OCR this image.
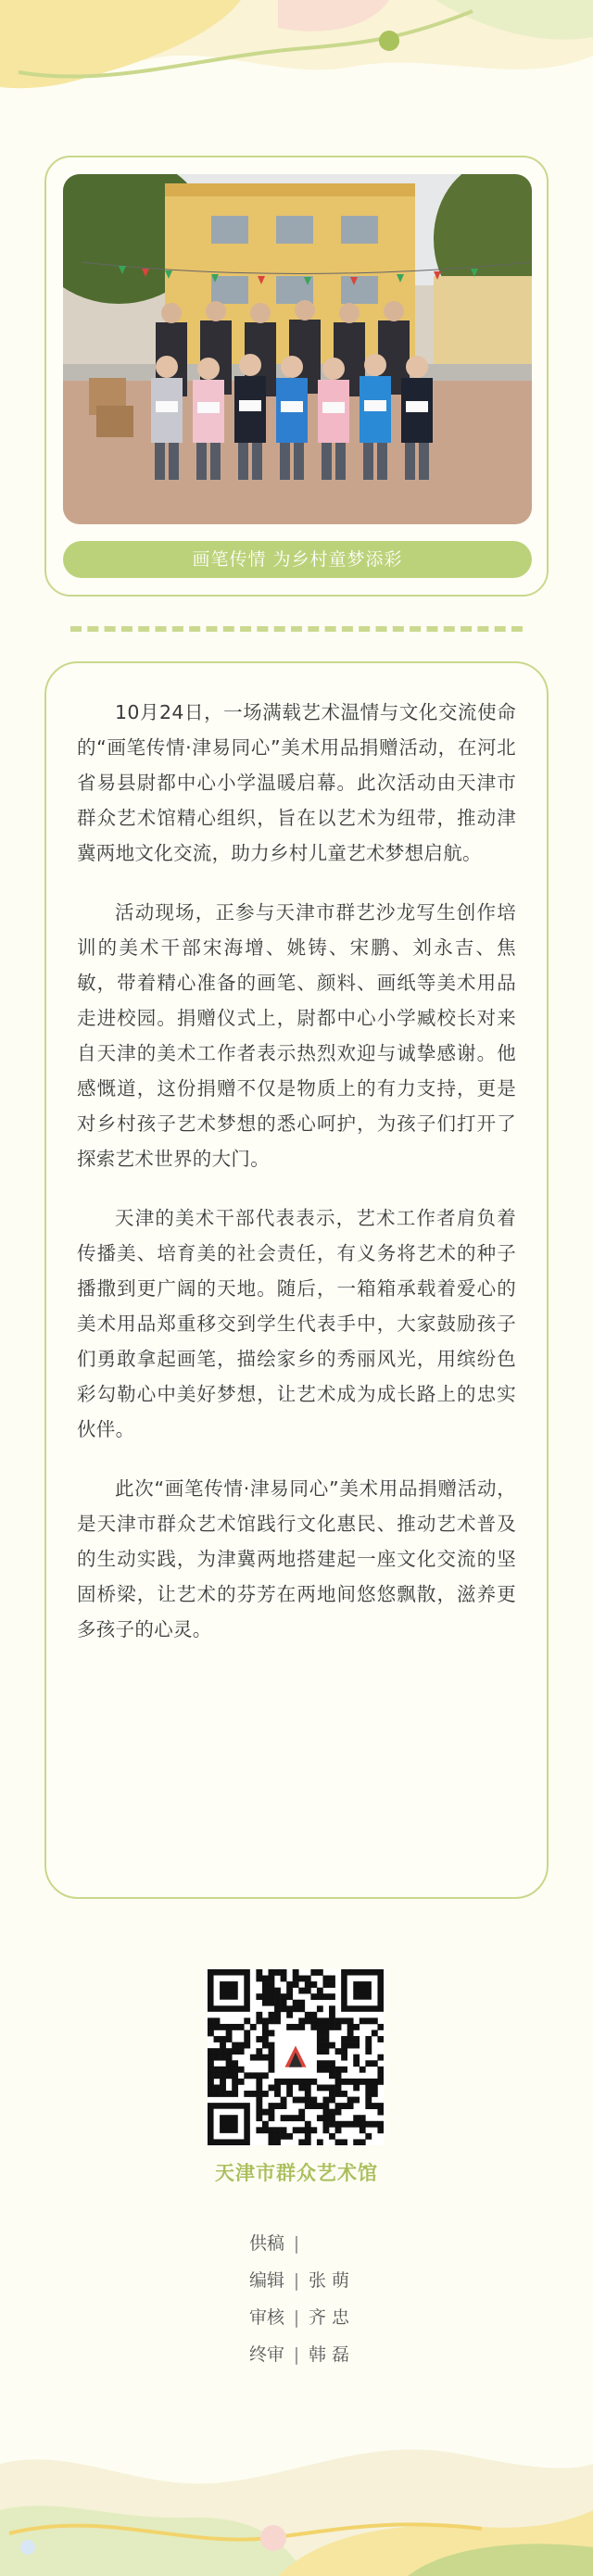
画笔传情 为乡村童梦添彩

10月24日，一场满载艺术温情与文化交流使命的“画笔传情·津易同心”美术用品捐赠活动，在河北省易县尉都中心小学温暖启幕。此次活动由天津市群众艺术馆精心组织，旨在以艺术为纽带，推动津冀两地文化交流，助力乡村儿童艺术梦想启航。

活动现场，正参与天津市群艺沙龙写生创作培训的美术干部宋海增、姚铸、宋鹏、刘永吉、焦敏，带着精心准备的画笔、颜料、画纸等美术用品走进校园。捐赠仪式上，尉都中心小学臧校长对来自天津的美术工作者表示热烈欢迎与诚挚感谢。他感慨道，这份捐赠不仅是物质上的有力支持，更是对乡村孩子艺术梦想的悉心呵护，为孩子们打开了探索艺术世界的大门。

天津的美术干部代表表示，艺术工作者肩负着传播美、培育美的社会责任，有义务将艺术的种子播撒到更广阔的天地。随后，一箱箱承载着爱心的美术用品郑重移交到学生代表手中，大家鼓励孩子们勇敢拿起画笔，描绘家乡的秀丽风光，用缤纷色彩勾勒心中美好梦想，让艺术成为成长路上的忠实伙伴。

此次“画笔传情·津易同心”美术用品捐赠活动，是天津市群众艺术馆践行文化惠民、推动艺术普及的生动实践，为津冀两地搭建起一座文化交流的坚固桥梁，让艺术的芬芳在两地间悠悠飘散，滋养更多孩子的心灵。

天津市群众艺术馆
供稿 |
编辑 | 张萌
审核 | 齐忠
终审 | 韩磊
